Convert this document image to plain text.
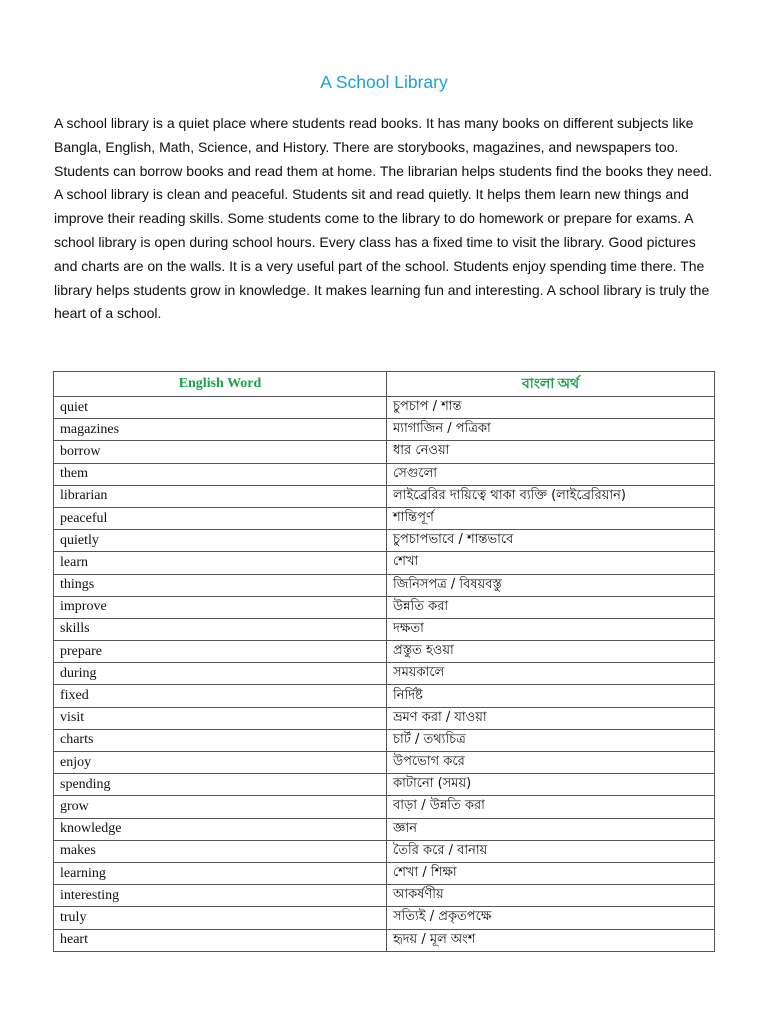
A School Library

A school library is a quiet place where students read books. It has many books on different subjects like Bangla, English, Math, Science, and History. There are storybooks, magazines, and newspapers too. Students can borrow books and read them at home. The librarian helps students find the books they need. A school library is clean and peaceful. Students sit and read quietly. It helps them learn new things and improve their reading skills. Some students come to the library to do homework or prepare for exams. A school library is open during school hours. Every class has a fixed time to visit the library. Good pictures and charts are on the walls. It is a very useful part of the school. Students enjoy spending time there. The library helps students grow in knowledge. It makes learning fun and interesting. A school library is truly the heart of a school.

English Word	বাংলা অর্থ
quiet	চুপচাপ / শান্ত
magazines	ম্যাগাজিন / পত্রিকা
borrow	ধার নেওয়া
them	সেগুলো
librarian	লাইব্রেরির দায়িত্বে থাকা ব্যক্তি (লাইব্রেরিয়ান)
peaceful	শান্তিপূর্ণ
quietly	চুপচাপভাবে / শান্তভাবে
learn	শেখা
things	জিনিসপত্র / বিষয়বস্তু
improve	উন্নতি করা
skills	দক্ষতা
prepare	প্রস্তুত হওয়া
during	সময়কালে
fixed	নির্দিষ্ট
visit	ভ্রমণ করা / যাওয়া
charts	চার্ট / তথ্যচিত্র
enjoy	উপভোগ করে
spending	কাটানো (সময়)
grow	বাড়া / উন্নতি করা
knowledge	জ্ঞান
makes	তৈরি করে / বানায়
learning	শেখা / শিক্ষা
interesting	আকর্ষণীয়
truly	সত্যিই / প্রকৃতপক্ষে
heart	হৃদয় / মূল অংশ
